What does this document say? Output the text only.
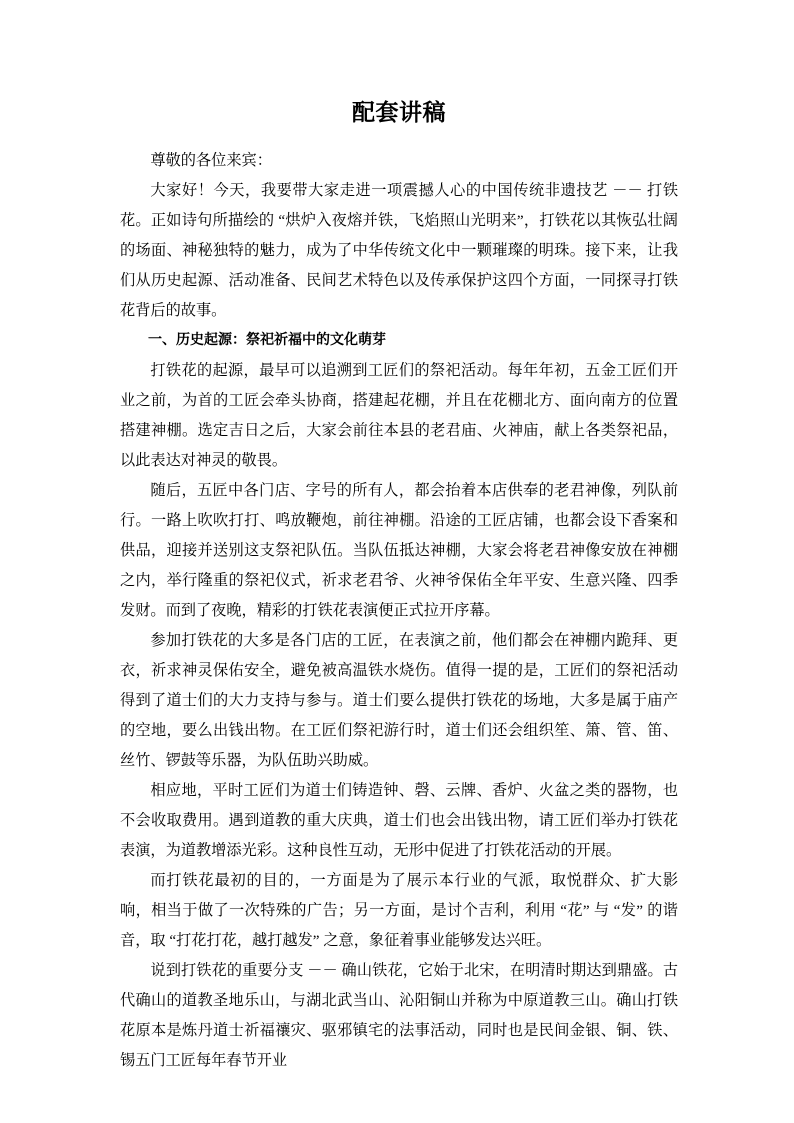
配套讲稿

尊敬的各位来宾：

大家好！今天，我要带大家走进一项震撼人心的中国传统非遗技艺 －－ 打铁花。正如诗句所描绘的 “烘炉入夜熔并铁，飞焰照山光明来”，打铁花以其恢弘壮阔的场面、神秘独特的魅力，成为了中华传统文化中一颗璀璨的明珠。接下来，让我们从历史起源、活动准备、民间艺术特色以及传承保护这四个方面，一同探寻打铁花背后的故事。

一、历史起源：祭祀祈福中的文化萌芽

打铁花的起源，最早可以追溯到工匠们的祭祀活动。每年年初，五金工匠们开业之前，为首的工匠会牵头协商，搭建起花棚，并且在花棚北方、面向南方的位置搭建神棚。选定吉日之后，大家会前往本县的老君庙、火神庙，献上各类祭祀品，以此表达对神灵的敬畏。

随后，五匠中各门店、字号的所有人，都会抬着本店供奉的老君神像，列队前行。一路上吹吹打打、鸣放鞭炮，前往神棚。沿途的工匠店铺，也都会设下香案和供品，迎接并送别这支祭祀队伍。当队伍抵达神棚，大家会将老君神像安放在神棚之内，举行隆重的祭祀仪式，祈求老君爷、火神爷保佑全年平安、生意兴隆、四季发财。而到了夜晚，精彩的打铁花表演便正式拉开序幕。

参加打铁花的大多是各门店的工匠，在表演之前，他们都会在神棚内跪拜、更衣，祈求神灵保佑安全，避免被高温铁水烧伤。值得一提的是，工匠们的祭祀活动得到了道士们的大力支持与参与。道士们要么提供打铁花的场地，大多是属于庙产的空地，要么出钱出物。在工匠们祭祀游行时，道士们还会组织笙、箫、管、笛、丝竹、锣鼓等乐器，为队伍助兴助威。

相应地，平时工匠们为道士们铸造钟、磬、云牌、香炉、火盆之类的器物，也不会收取费用。遇到道教的重大庆典，道士们也会出钱出物，请工匠们举办打铁花表演，为道教增添光彩。这种良性互动，无形中促进了打铁花活动的开展。

而打铁花最初的目的，一方面是为了展示本行业的气派，取悦群众、扩大影响，相当于做了一次特殊的广告；另一方面，是讨个吉利，利用 “花” 与 “发” 的谐音，取 “打花打花，越打越发” 之意，象征着事业能够发达兴旺。

说到打铁花的重要分支 －－ 确山铁花，它始于北宋，在明清时期达到鼎盛。古代确山的道教圣地乐山，与湖北武当山、沁阳铜山并称为中原道教三山。确山打铁花原本是炼丹道士祈福禳灾、驱邪镇宅的法事活动，同时也是民间金银、铜、铁、锡五门工匠每年春节开业
